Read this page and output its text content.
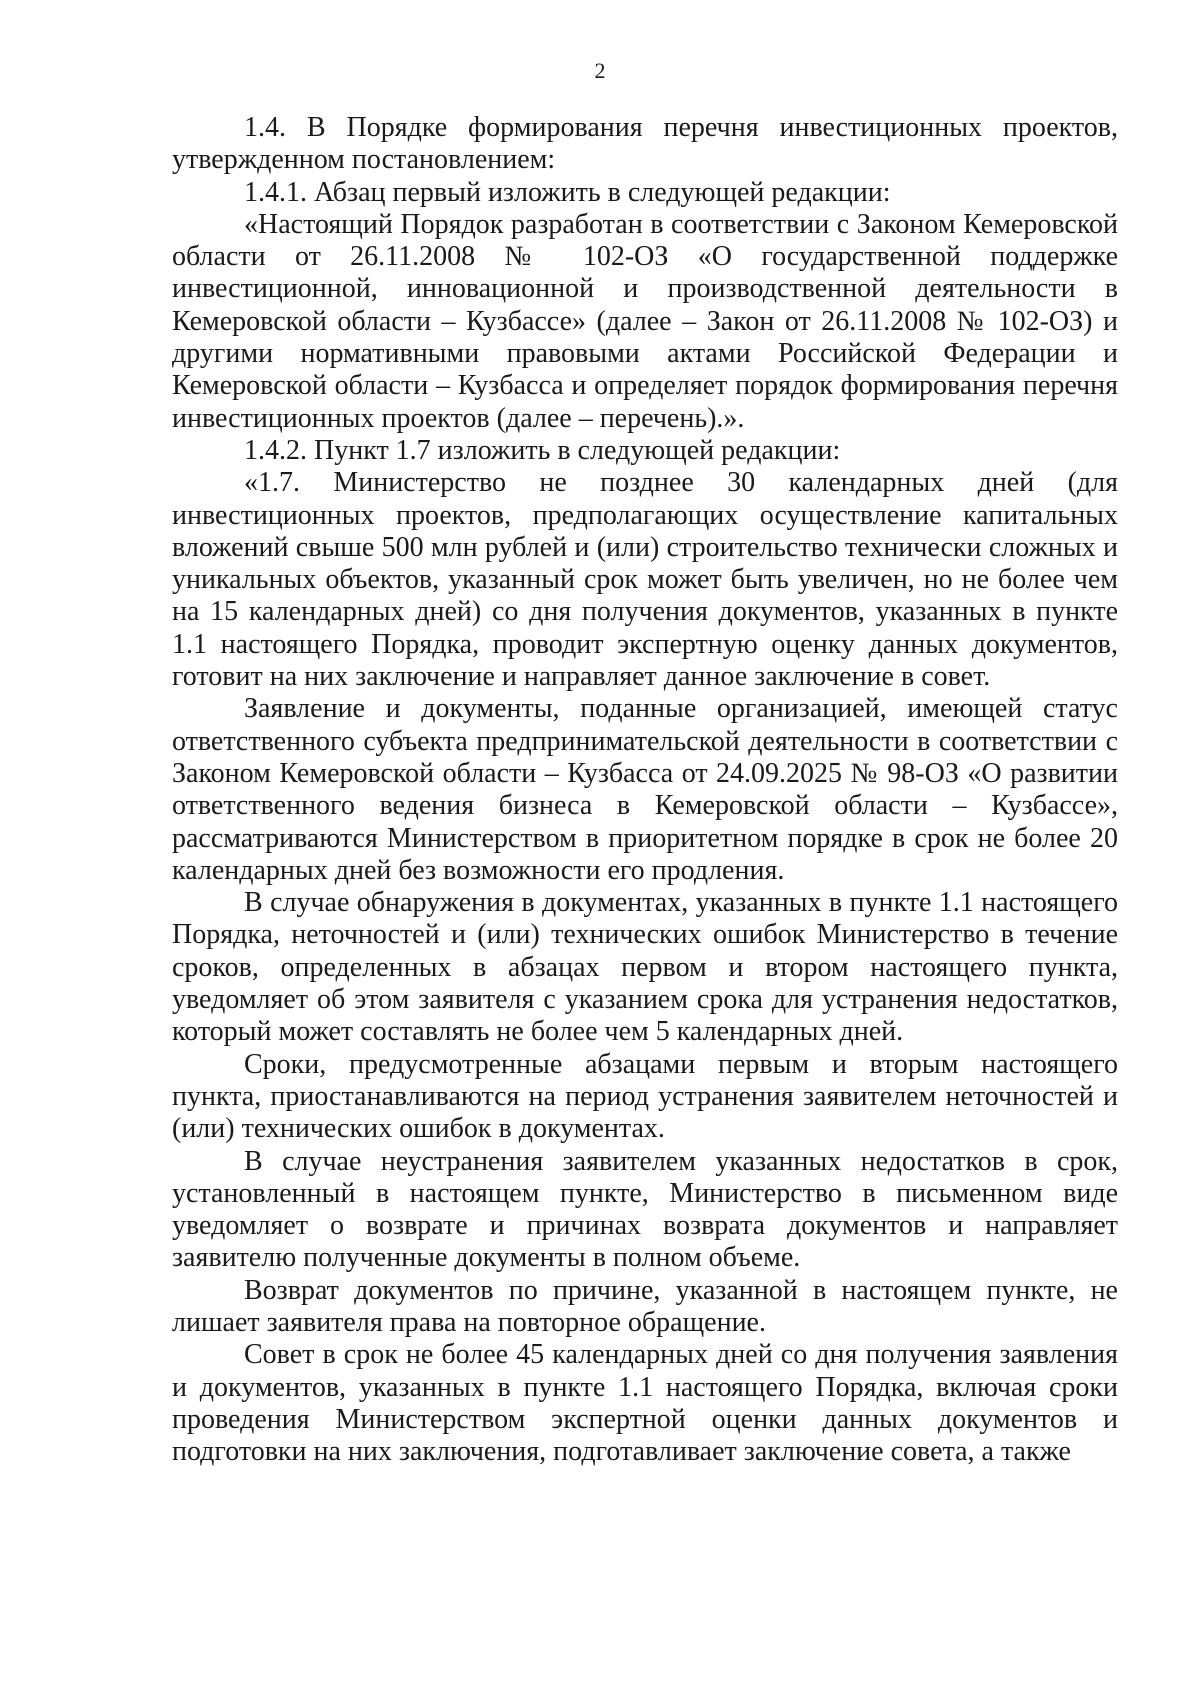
2

1.4. В Порядке формирования перечня инвестиционных проектов, утвержденном постановлением:

1.4.1. Абзац первый изложить в следующей редакции:

«Настоящий Порядок разработан в соответствии с Законом Кемеровской области от 26.11.2008 № 102-ОЗ «О государственной поддержке инвестиционной, инновационной и производственной деятельности в Кемеровской области – Кузбассе» (далее – Закон от 26.11.2008 № 102-ОЗ) и другими нормативными правовыми актами Российской Федерации и Кемеровской области – Кузбасса и определяет порядок формирования перечня инвестиционных проектов (далее – перечень).».

1.4.2. Пункт 1.7 изложить в следующей редакции:

«1.7. Министерство не позднее 30 календарных дней (для инвестиционных проектов, предполагающих осуществление капитальных вложений свыше 500 млн рублей и (или) строительство технически сложных и уникальных объектов, указанный срок может быть увеличен, но не более чем на 15 календарных дней) со дня получения документов, указанных в пункте 1.1 настоящего Порядка, проводит экспертную оценку данных документов, готовит на них заключение и направляет данное заключение в совет.

Заявление и документы, поданные организацией, имеющей статус ответственного субъекта предпринимательской деятельности в соответствии с Законом Кемеровской области – Кузбасса от 24.09.2025 № 98-ОЗ «О развитии ответственного ведения бизнеса в Кемеровской области – Кузбассе», рассматриваются Министерством в приоритетном порядке в срок не более 20 календарных дней без возможности его продления.

В случае обнаружения в документах, указанных в пункте 1.1 настоящего Порядка, неточностей и (или) технических ошибок Министерство в течение сроков, определенных в абзацах первом и втором настоящего пункта, уведомляет об этом заявителя с указанием срока для устранения недостатков, который может составлять не более чем 5 календарных дней.

Сроки, предусмотренные абзацами первым и вторым настоящего пункта, приостанавливаются на период устранения заявителем неточностей и (или) технических ошибок в документах.

В случае неустранения заявителем указанных недостатков в срок, установленный в настоящем пункте, Министерство в письменном виде уведомляет о возврате и причинах возврата документов и направляет заявителю полученные документы в полном объеме.

Возврат документов по причине, указанной в настоящем пункте, не лишает заявителя права на повторное обращение.

Совет в срок не более 45 календарных дней со дня получения заявления и документов, указанных в пункте 1.1 настоящего Порядка, включая сроки проведения Министерством экспертной оценки данных документов и подготовки на них заключения, подготавливает заключение совета, а также
